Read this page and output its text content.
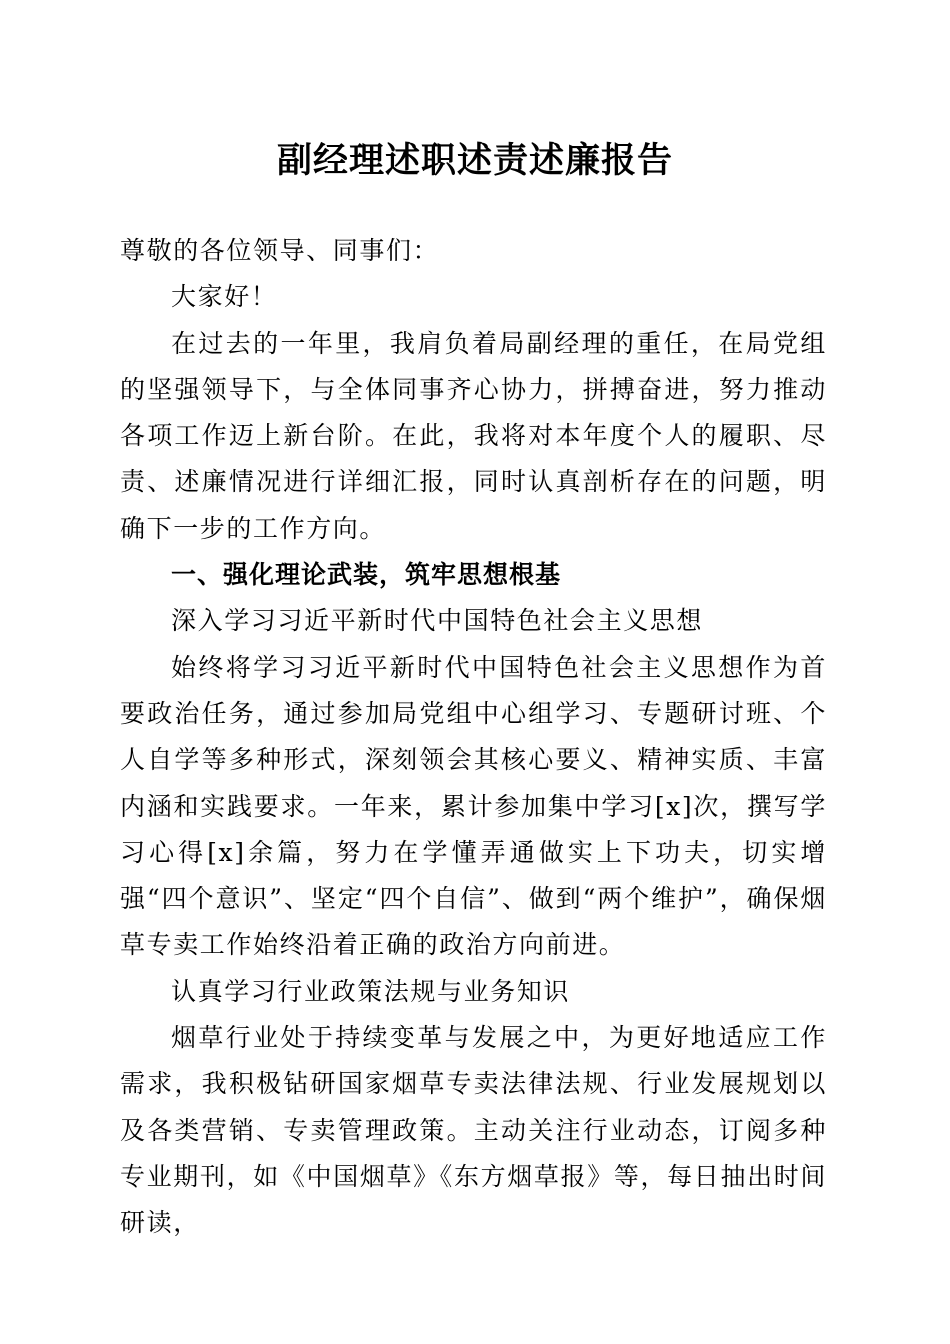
副经理述职述责述廉报告

尊敬的各位领导、同事们：

大家好！

在过去的一年里，我肩负着局副经理的重任，在局党组的坚强领导下，与全体同事齐心协力，拼搏奋进，努力推动各项工作迈上新台阶。在此，我将对本年度个人的履职、尽责、述廉情况进行详细汇报，同时认真剖析存在的问题，明确下一步的工作方向。

一、强化理论武装，筑牢思想根基

深入学习习近平新时代中国特色社会主义思想

始终将学习习近平新时代中国特色社会主义思想作为首要政治任务，通过参加局党组中心组学习、专题研讨班、个人自学等多种形式，深刻领会其核心要义、精神实质、丰富内涵和实践要求。一年来，累计参加集中学习[x]次，撰写学习心得[x]余篇，努力在学懂弄通做实上下功夫，切实增强“四个意识”、坚定“四个自信”、做到“两个维护”，确保烟草专卖工作始终沿着正确的政治方向前进。

认真学习行业政策法规与业务知识

烟草行业处于持续变革与发展之中，为更好地适应工作需求，我积极钻研国家烟草专卖法律法规、行业发展规划以及各类营销、专卖管理政策。主动关注行业动态，订阅多种专业期刊，如《中国烟草》《东方烟草报》等，每日抽出时间研读，
